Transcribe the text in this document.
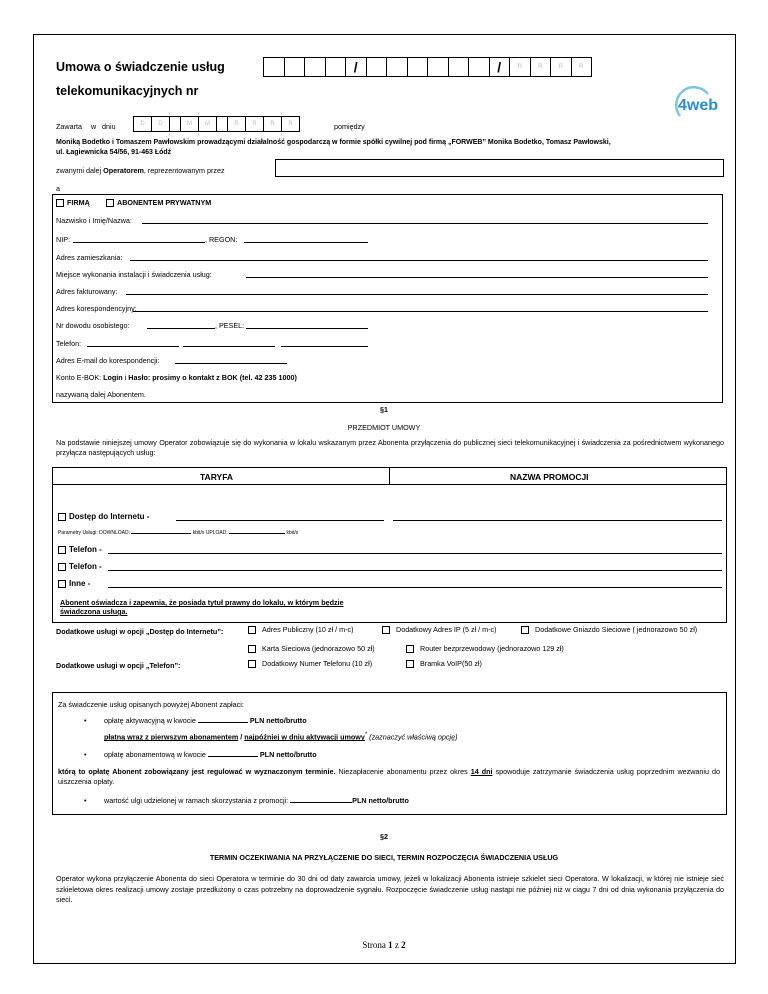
Umowa o świadczenie usług
telekomunikacyjnych nr
/	/	R	R	R	R
4web
Zawarta w dniu	D	D	M	M	R	R	R	R	pomiędzy
Moniką Bodetko i Tomaszem Pawłowskim prowadzącymi działalność gospodarczą w formie spółki cywilnej pod firmą „FORWEB” Monika Bodetko, Tomasz Pawłowski,
ul. Łagiewnicka 54/56, 91-463 Łódź
zwanymi dalej Operatorem, reprezentowanym przez
a
FIRMĄ	ABONENTEM PRYWATNYM
Nazwisko i Imię/Nazwa:
NIP:	, REGON:
Adres zamieszkania:
Miejsce wykonania instalacji i świadczenia usług:
Adres fakturowany:
Adres korespondencyjny:
Nr dowodu osobistego:	, PESEL:
Telefon:
Adres E-mail do korespondencji:
Konto E-BOK: Login i Hasło: prosimy o kontakt z BOK (tel. 42 235 1000)
nazywaną dalej Abonentem.
§1
PRZEDMIOT UMOWY
Na podstawie niniejszej umowy Operator zobowiązuje się do wykonania w lokalu wskazanym przez Abonenta przyłączenia do publicznej sieci telekomunikacyjnej i świadczenia za pośrednictwem wykonanego przyłącza następujących usług:
TARYFA	NAZWA PROMOCJI
Dostęp do Internetu -
Parametry Usługi: DOWNLOAD:	kbit/s UPLOAD:	kbit/s
Telefon -
Telefon -
Inne -
Abonent oświadcza i zapewnia, że posiada tytuł prawny do lokalu, w którym będzie świadczona usługa.
Dodatkowe usługi w opcji „Dostęp do Internetu”:	Adres Publiczny (10 zł / m-c)	Dodatkowy Adres IP (5 zł / m-c)	Dodatkowe Gniazdo Sieciowe ( jednorazowo 50 zł)
Karta Sieciowa (jednorazowo 50 zł)	Router bezprzewodowy (jednorazowo 129 zł)
Dodatkowe usługi w opcji „Telefon”:	Dodatkowy Numer Telefonu (10 zł)	Bramka VoIP(50 zł)
Za świadczenie usług opisanych powyżej Abonent zapłaci:
• opłatę aktywacyjną w kwocie	PLN netto/brutto
płatną wraz z pierwszym abonamentem / najpóźniej w dniu aktywacji umowy* (zaznaczyć właściwą opcję)
• opłatę abonamentową w kwocie	PLN netto/brutto
którą to opłatę Abonent zobowiązany jest regulować w wyznaczonym terminie. Niezapłacenie abonamentu przez okres 14 dni spowoduje zatrzymanie świadczenia usług poprzednim wezwaniu do uiszczenia opłaty.
• wartość ulgi udzielonej w ramach skorzystania z promocji:	PLN netto/brutto
§2
TERMIN OCZEKIWANIA NA PRZYŁĄCZENIE DO SIECI, TERMIN ROZPOCZĘCIA ŚWIADCZENIA USŁUG
Operator wykona przyłączenie Abonenta do sieci Operatora w terminie do 30 dni od daty zawarcia umowy, jeżeli w lokalizacji Abonenta istnieje szkielet sieci Operatora. W lokalizacji, w której nie istnieje sieć szkieletowa okres realizacji umowy zostaje przedłużony o czas potrzebny na doprowadzenie sygnału. Rozpoczęcie świadczenie usług nastąpi nie później niż w ciągu 7 dni od dnia wykonania przyłączenia do sieci.
Strona 1 z 2
